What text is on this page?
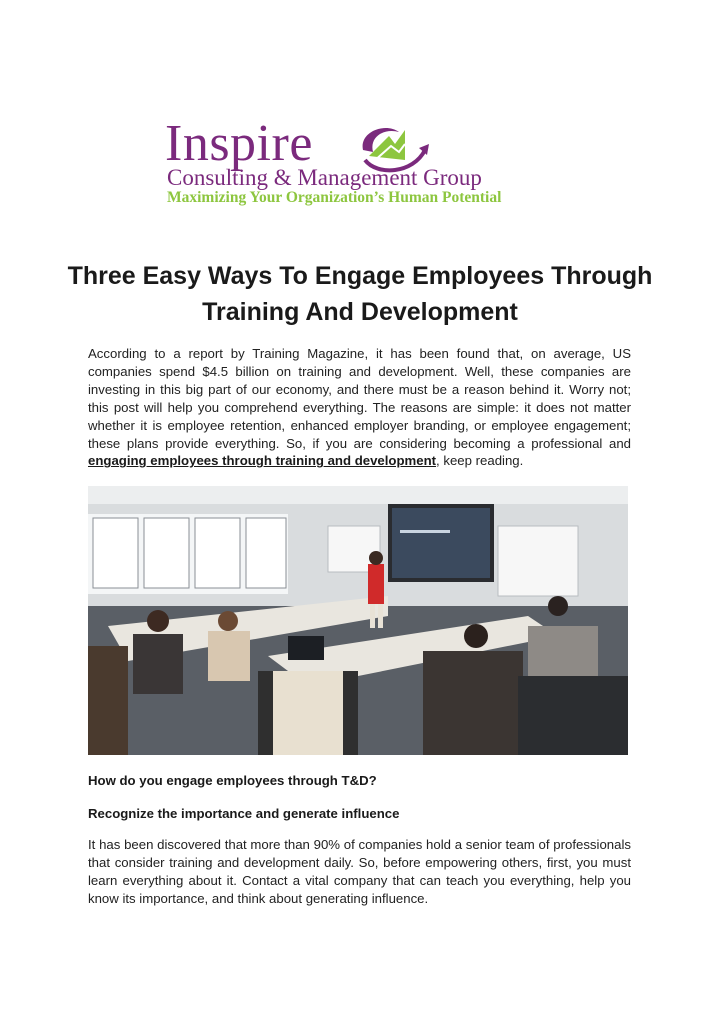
Inspire
Consulting & Management Group
Maximizing Your Organization’s Human Potential
Three Easy Ways To Engage Employees Through Training And Development

According to a report by Training Magazine, it has been found that, on average, US companies spend $4.5 billion on training and development. Well, these companies are investing in this big part of our economy, and there must be a reason behind it. Worry not; this post will help you comprehend everything. The reasons are simple: it does not matter whether it is employee retention, enhanced employer branding, or employee engagement; these plans provide everything. So, if you are considering becoming a professional and engaging employees through training and development, keep reading.

How do you engage employees through T&D?
Recognize the importance and generate influence

It has been discovered that more than 90% of companies hold a senior team of professionals that consider training and development daily. So, before empowering others, first, you must learn everything about it. Contact a vital company that can teach you everything, help you know its importance, and think about generating influence.
